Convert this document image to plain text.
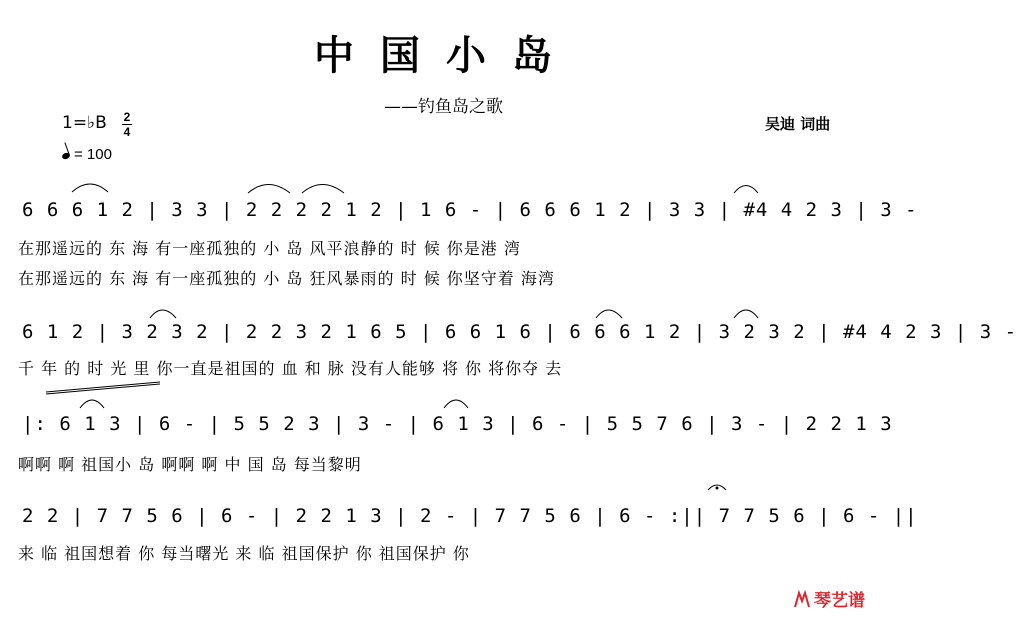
中国小岛
——钓鱼岛之歌
1=♭B 2
4
= 100
吴迪 词曲
6 6 6 1 2 | 3 3 | 2 2 2 2 1 2 | 1 6 - | 6 6 6 1 2 | 3 3 | #4 4 2 3 | 3 -
在那遥远的 东 海 有一座孤独的 小 岛 风平浪静的 时 候 你是港 湾
在那遥远的 东 海 有一座孤独的 小 岛 狂风暴雨的 时 候 你坚守着 海湾
6 1 2 | 3 2 3 2 | 2 2 3 2 1 6 5 | 6 6 1 6 | 6 6 6 1 2 | 3 2 3 2 | #4 4 2 3 | 3 -
千 年 的 时 光 里 你一直是祖国的 血 和 脉 没有人能够 将 你 将你夺 去
|: 6 1 3 | 6 - | 5 5 2 3 | 3 - | 6 1 3 | 6 - | 5 5 7 6 | 3 - | 2 2 1 3
啊啊 啊 祖国小 岛 啊啊 啊 中 国 岛 每当黎明
2 2 | 7 7 5 6 | 6 - | 2 2 1 3 | 2 - | 7 7 5 6 | 6 - :|| 7 7 5 6 | 6 - ||
来 临 祖国想着 你 每当曙光 来 临 祖国保护 你 祖国保护 你
琴艺谱
